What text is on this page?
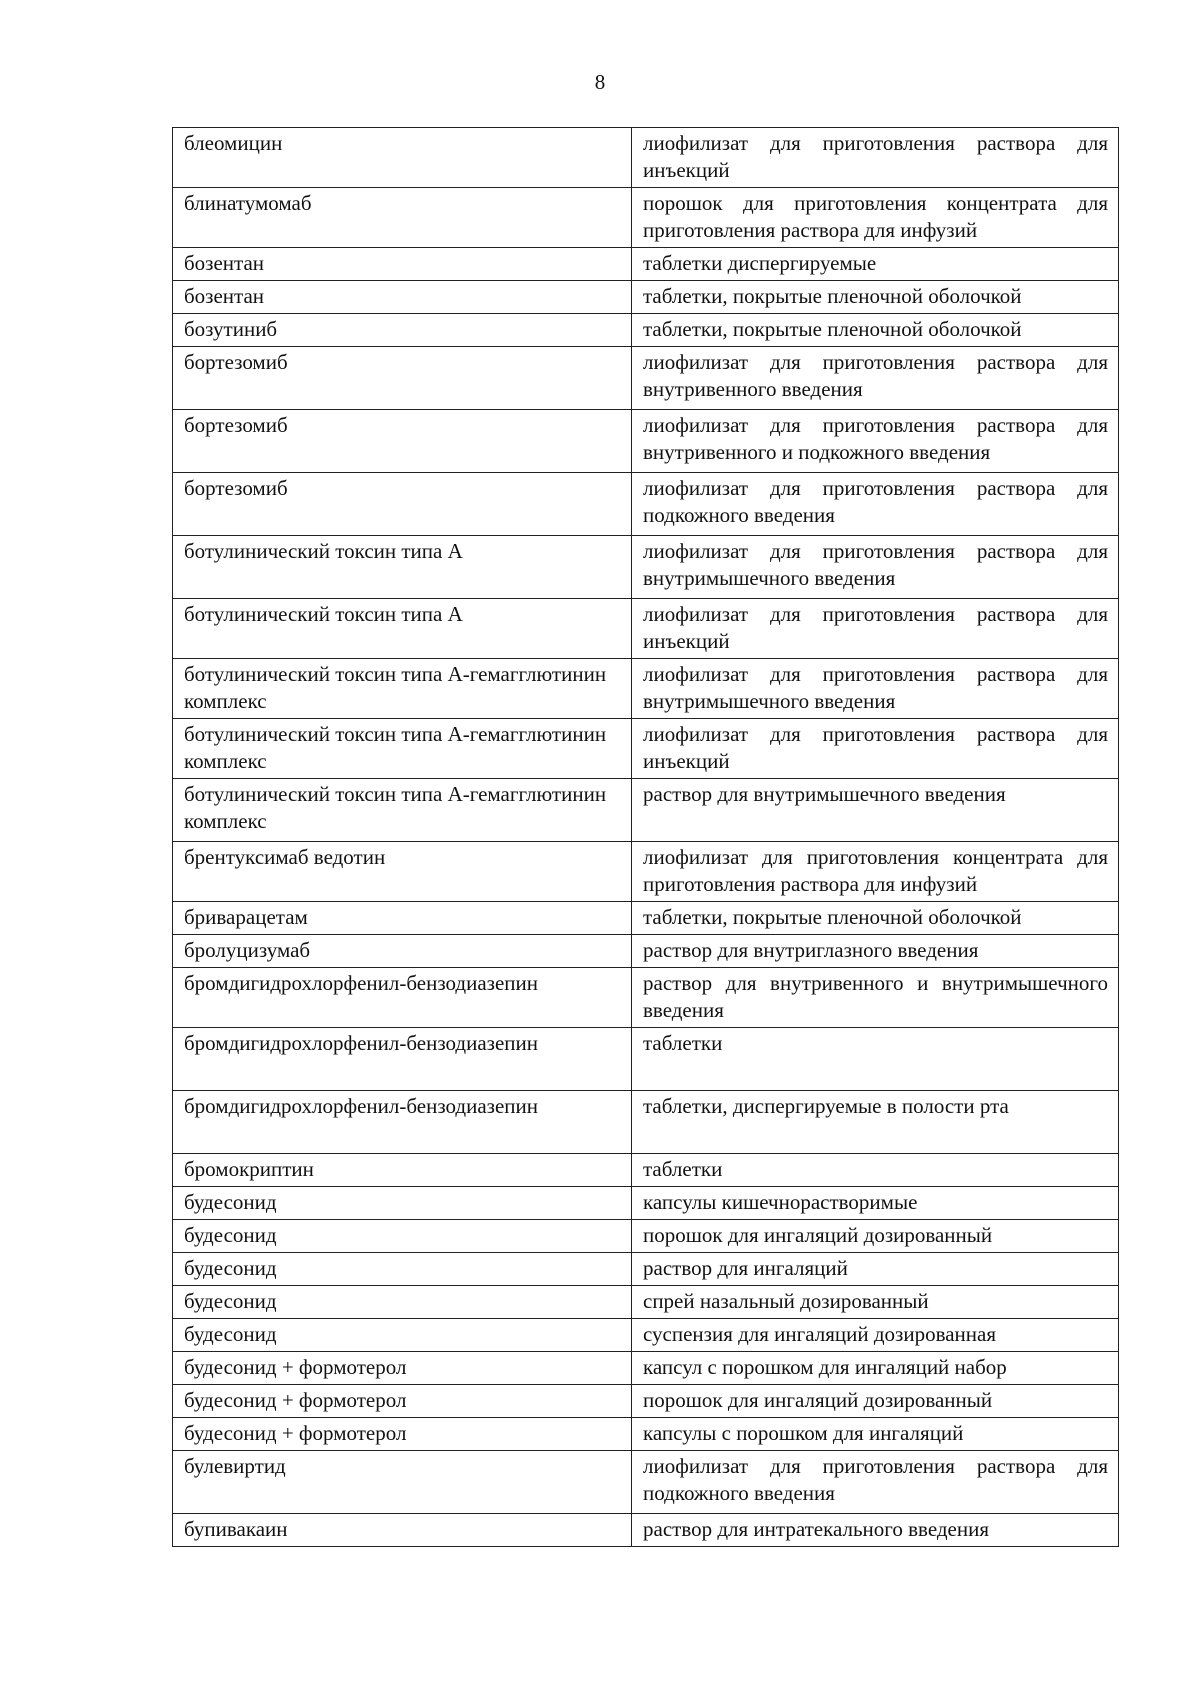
8
блеомицин	лиофилизат для приготовления раствора для инъекций
блинатумомаб	порошок для приготовления концентрата для приготовления раствора для инфузий
бозентан	таблетки диспергируемые
бозентан	таблетки, покрытые пленочной оболочкой
бозутиниб	таблетки, покрытые пленочной оболочкой
бортезомиб	лиофилизат для приготовления раствора для внутривенного введения
бортезомиб	лиофилизат для приготовления раствора для внутривенного и подкожного введения
бортезомиб	лиофилизат для приготовления раствора для подкожного введения
ботулинический токсин типа А	лиофилизат для приготовления раствора для внутримышечного введения
ботулинический токсин типа А	лиофилизат для приготовления раствора для инъекций
ботулинический токсин типа А-гемагглютинин комплекс	лиофилизат для приготовления раствора для внутримышечного введения
ботулинический токсин типа А-гемагглютинин комплекс	лиофилизат для приготовления раствора для инъекций
ботулинический токсин типа А-гемагглютинин комплекс	раствор для внутримышечного введения
брентуксимаб ведотин	лиофилизат для приготовления концентрата для приготовления раствора для инфузий
бриварацетам	таблетки, покрытые пленочной оболочкой
бролуцизумаб	раствор для внутриглазного введения
бромдигидрохлорфенил-бензодиазепин	раствор для внутривенного и внутримышечного введения
бромдигидрохлорфенил-бензодиазепин	таблетки
бромдигидрохлорфенил-бензодиазепин	таблетки, диспергируемые в полости рта
бромокриптин	таблетки
будесонид	капсулы кишечнорастворимые
будесонид	порошок для ингаляций дозированный
будесонид	раствор для ингаляций
будесонид	спрей назальный дозированный
будесонид	суспензия для ингаляций дозированная
будесонид + формотерол	капсул с порошком для ингаляций набор
будесонид + формотерол	порошок для ингаляций дозированный
будесонид + формотерол	капсулы с порошком для ингаляций
булевиртид	лиофилизат для приготовления раствора для подкожного введения
бупивакаин	раствор для интратекального введения
